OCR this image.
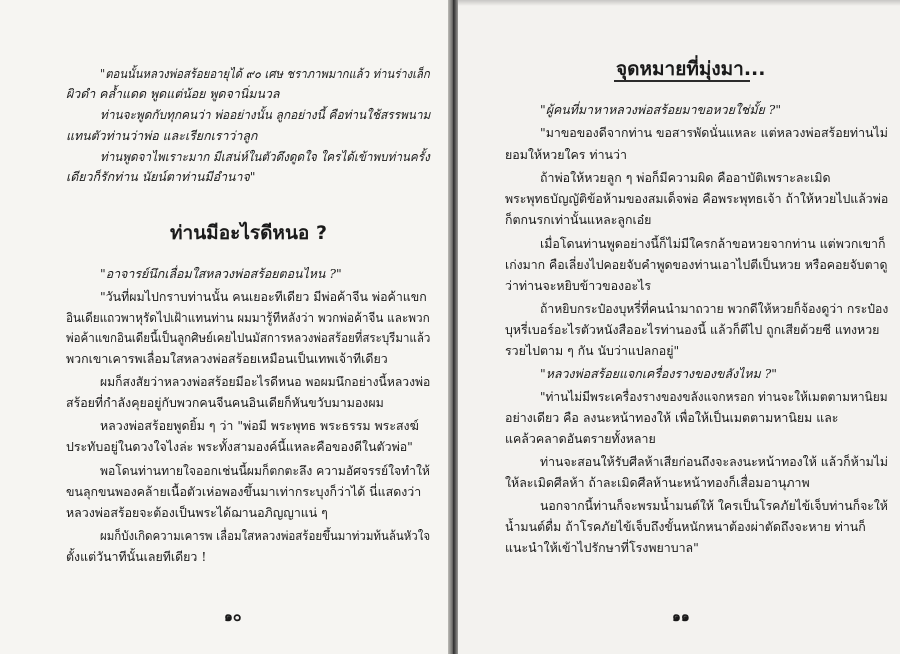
"ตอนนั้นหลวงพ่อสร้อยอายุได้ ๙๐ เศษ ชราภาพมากแล้ว ท่านร่างเล็ก
ผิวดำ คล้ำแดด พูดแต่น้อย พูดจานิ่มนวล
ท่านจะพูดกับทุกคนว่า พ่ออย่างนั้น ลูกอย่างนี้ คือท่านใช้สรรพนาม
แทนตัวท่านว่าพ่อ และเรียกเราว่าลูก
ท่านพูดจาไพเราะมาก มีเสน่ห์ในตัวดึงดูดใจ ใครได้เข้าพบท่านครั้ง
เดียวก็รักท่าน นัยน์ตาท่านมีอำนาจ"
ท่านมีอะไรดีหนอ ?
"อาจารย์นึกเลื่อมใสหลวงพ่อสร้อยตอนไหน ?"
"วันที่ผมไปกราบท่านนั้น คนเยอะทีเดียว มีพ่อค้าจีน พ่อค้าแขก
อินเดียแถวพาหุรัดไปเฝ้าแทนท่าน ผมมารู้ทีหลังว่า พวกพ่อค้าจีน และพวก
พ่อค้าแขกอินเดียนี้เป็นลูกศิษย์เคยไปนมัสการหลวงพ่อสร้อยที่สระบุรีมาแล้ว
พวกเขาเคารพเลื่อมใสหลวงพ่อสร้อยเหมือนเป็นเทพเจ้าทีเดียว
ผมก็สงสัยว่าหลวงพ่อสร้อยมีอะไรดีหนอ พอผมนึกอย่างนี้หลวงพ่อ
สร้อยที่กำลังคุยอยู่กับพวกคนจีนคนอินเดียก็หันขวับมามองผม
หลวงพ่อสร้อยพูดยิ้ม ๆ ว่า "พ่อมี พระพุทธ พระธรรม พระสงฆ์
ประทับอยู่ในดวงใจไงล่ะ พระทั้งสามองค์นี้แหละคือของดีในตัวพ่อ"
พอโดนท่านทายใจออกเช่นนี้ผมก็ตกตะลึง ความอัศจรรย์ใจทำให้
ขนลุกขนพองคล้ายเนื้อตัวเห่อพองขึ้นมาเท่ากระบุงก็ว่าได้ นี่แสดงว่า
หลวงพ่อสร้อยจะต้องเป็นพระได้ฌานอภิญญาแน่ ๆ
ผมก็บังเกิดความเคารพ เลื่อมใสหลวงพ่อสร้อยขึ้นมาท่วมท้นล้นหัวใจ
ตั้งแต่วันาทีนั้นเลยทีเดียว !
๑๐
จุดหมายที่มุ่งมา...
"ผู้คนที่มาหาหลวงพ่อสร้อยมาขอหวยใช่มั้ย ?"
"มาขอของดีจากท่าน ขอสารพัดนั่นแหละ แต่หลวงพ่อสร้อยท่านไม่
ยอมให้หวยใคร ท่านว่า
ถ้าพ่อให้หวยลูก ๆ พ่อก็มีความผิด คืออาบัติเพราะละเมิด
พระพุทธบัญญัติข้อห้ามของสมเด็จพ่อ คือพระพุทธเจ้า ถ้าให้หวยไปแล้วพ่อ
ก็ตกนรกเท่านั้นแหละลูกเอ๋ย
เมื่อโดนท่านพูดอย่างนี้ก็ไม่มีใครกล้าขอหวยจากท่าน แต่พวกเขาก็
เก่งมาก คือเลี่ยงไปคอยจับคำพูดของท่านเอาไปตีเป็นหวย หรือคอยจับตาดู
ว่าท่านจะหยิบข้าวของอะไร
ถ้าหยิบกระป๋องบุหรี่ที่คนนำมาถวาย พวกดีให้หวยก็จ้องดูว่า กระป๋อง
บุหรี่เบอร์อะไรตัวหนังสืออะไรท่านองนี้ แล้วก็ตีไป ถูกเสียด้วยซี แทงหวย
รวยไปตาม ๆ กัน นับว่าแปลกอยู่"
"หลวงพ่อสร้อยแจกเครื่องรางของขลังไหม ?"
"ท่านไม่มีพระเครื่องรางของขลังแจกหรอก ท่านจะให้เมตตามหานิยม
อย่างเดียว คือ ลงนะหน้าทองให้ เพื่อให้เป็นเมตตามหานิยม และ
แคล้วคลาดอันตรายทั้งหลาย
ท่านจะสอนให้รับศีลห้าเสียก่อนถึงจะลงนะหน้าทองให้ แล้วก็ห้ามไม่
ให้ละเมิดศีลห้า ถ้าละเมิดศีลห้านะหน้าทองก็เสื่อมอานุภาพ
นอกจากนี้ท่านก็จะพรมน้ำมนต์ให้ ใครเป็นโรคภัยไข้เจ็บท่านก็จะให้
น้ำมนต์ดื่ม ถ้าโรคภัยไข้เจ็บถึงขั้นหนักหนาต้องผ่าตัดถึงจะหาย ท่านก็
แนะนำให้เข้าไปรักษาที่โรงพยาบาล"
๑๑
